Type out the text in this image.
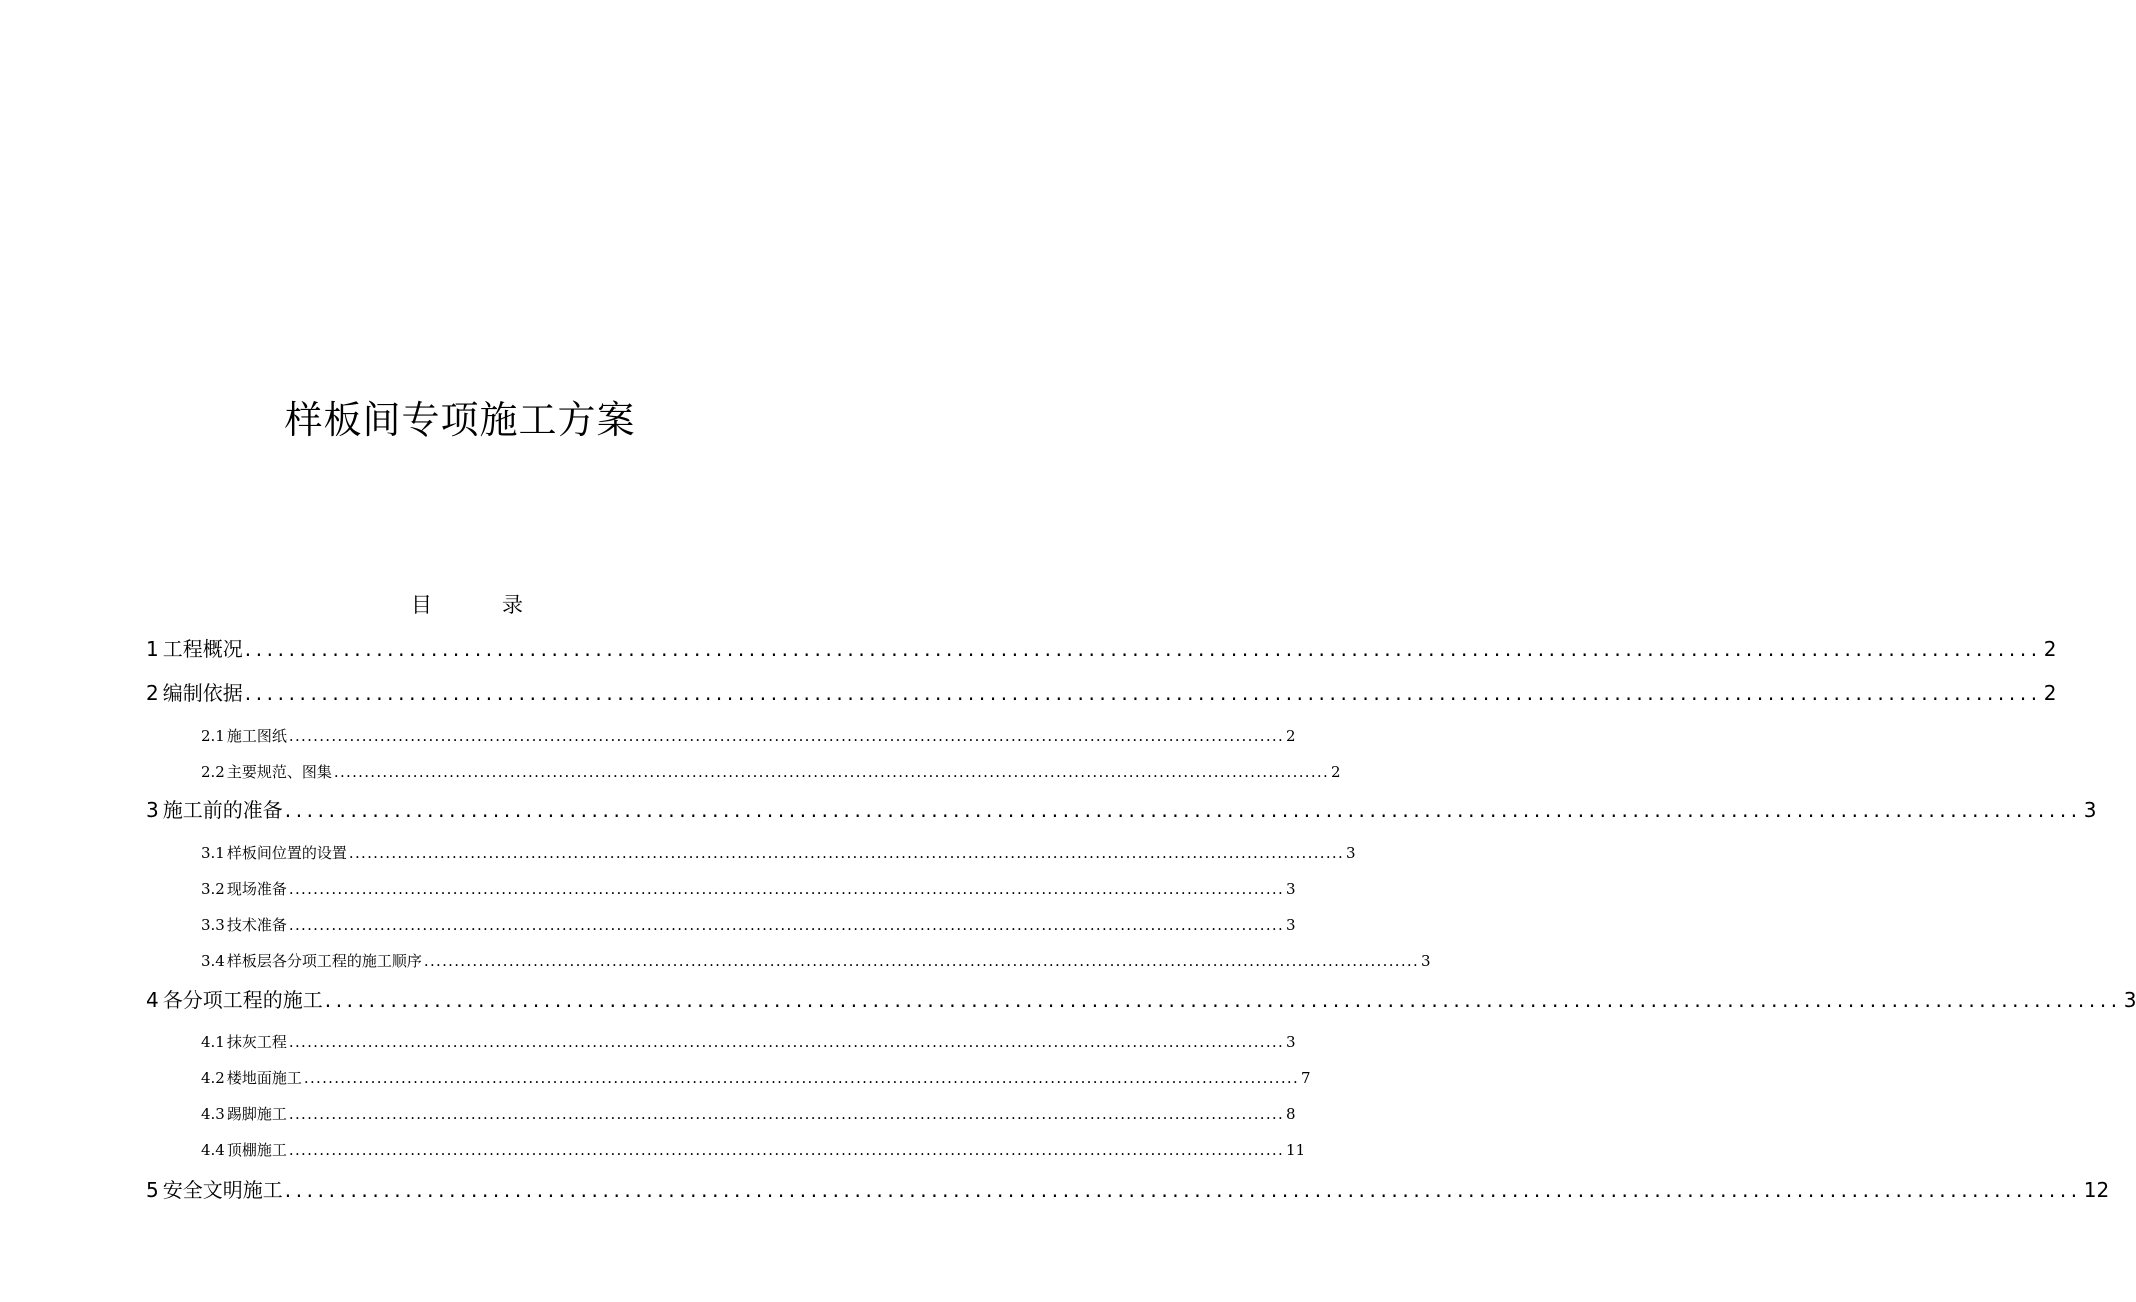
样板间专项施工方案
目	录
1 工程概况 .................................................................................................................................................................... 2
2 编制依据 .................................................................................................................................................................... 2
2.1 施工图纸 .................................................................................................................................................................... 2
2.2 主要规范、图集 .................................................................................................................................................................... 2
3 施工前的准备 .................................................................................................................................................................... 3
3.1 样板间位置的设置 .................................................................................................................................................................... 3
3.2 现场准备 .................................................................................................................................................................... 3
3.3 技术准备 .................................................................................................................................................................... 3
3.4 样板层各分项工程的施工顺序 .................................................................................................................................................................... 3
4 各分项工程的施工 .................................................................................................................................................................... 3
4.1 抹灰工程 .................................................................................................................................................................... 3
4.2 楼地面施工 .................................................................................................................................................................... 7
4.3 踢脚施工 .................................................................................................................................................................... 8
4.4 顶棚施工 .................................................................................................................................................................... 11
5 安全文明施工 .................................................................................................................................................................... 12
